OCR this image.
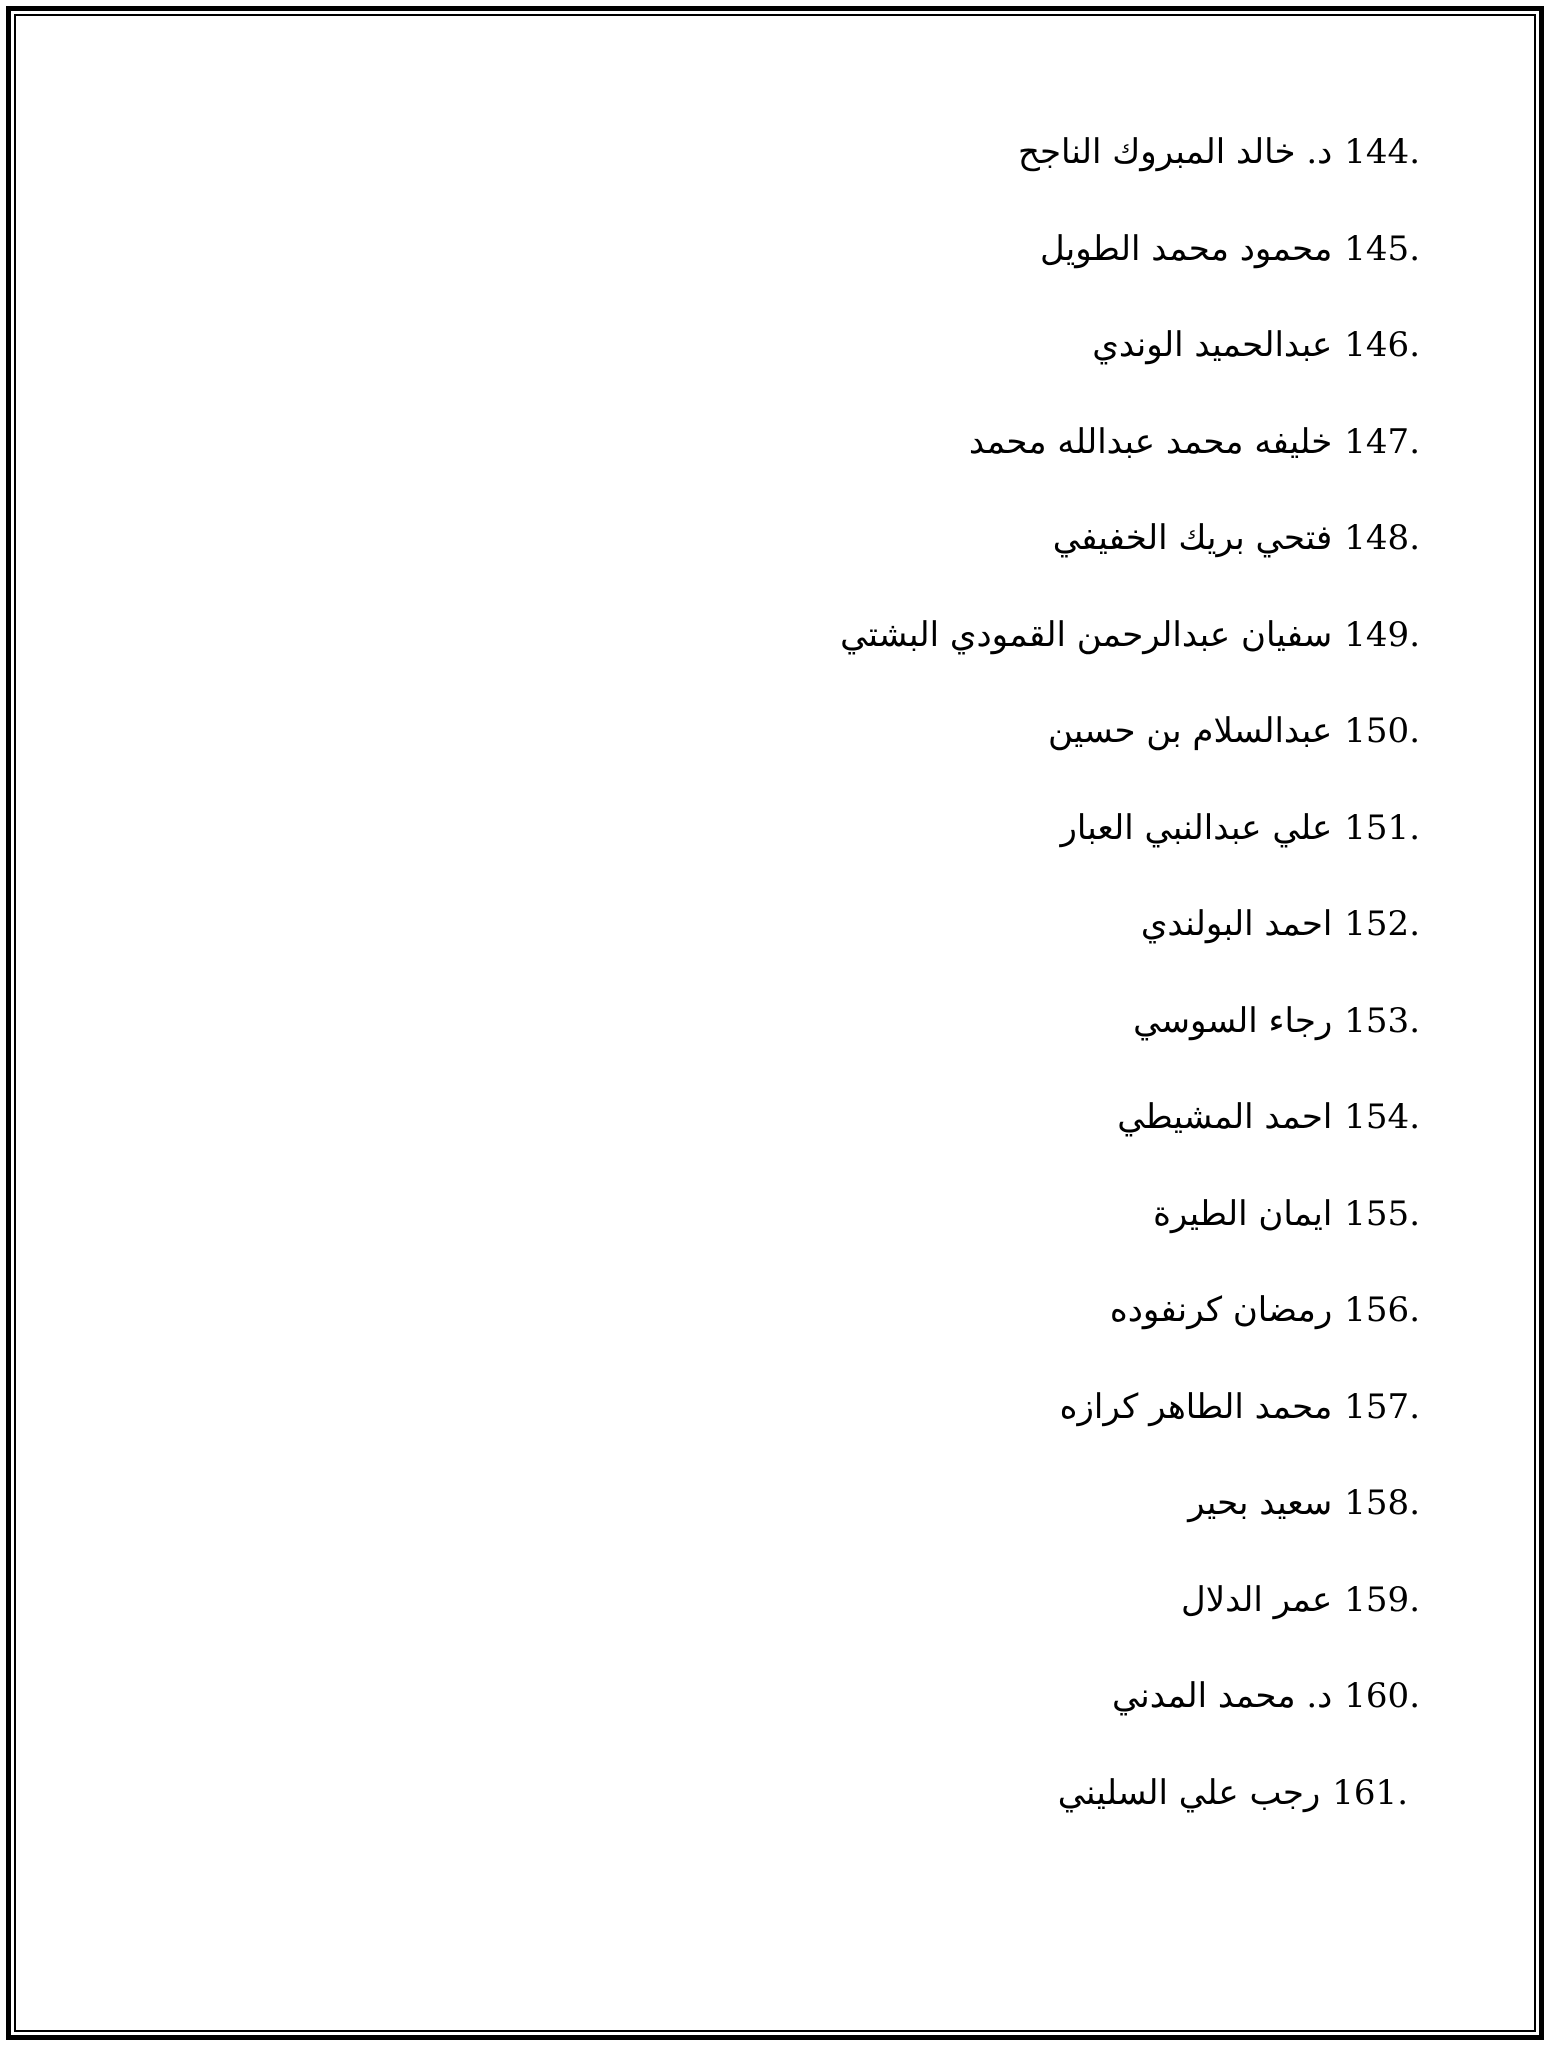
144.
د. خالد المبروك الناجح
145.
محمود محمد الطويل
146.
عبدالحميد الوندي
147.
خليفه محمد عبدالله محمد
148.
فتحي بريك الخفيفي
149.
سفيان عبدالرحمن القمودي البشتي
150.
عبدالسلام بن حسين
151.
علي عبدالنبي العبار
152.
احمد البولندي
153.
رجاء السوسي
154.
احمد المشيطي
155.
ايمان الطيرة
156.
رمضان كرنفوده
157.
محمد الطاهر كرازه
158.
سعيد بحير
159.
عمر الدلال
160.
د. محمد المدني
161.
رجب علي السليني
